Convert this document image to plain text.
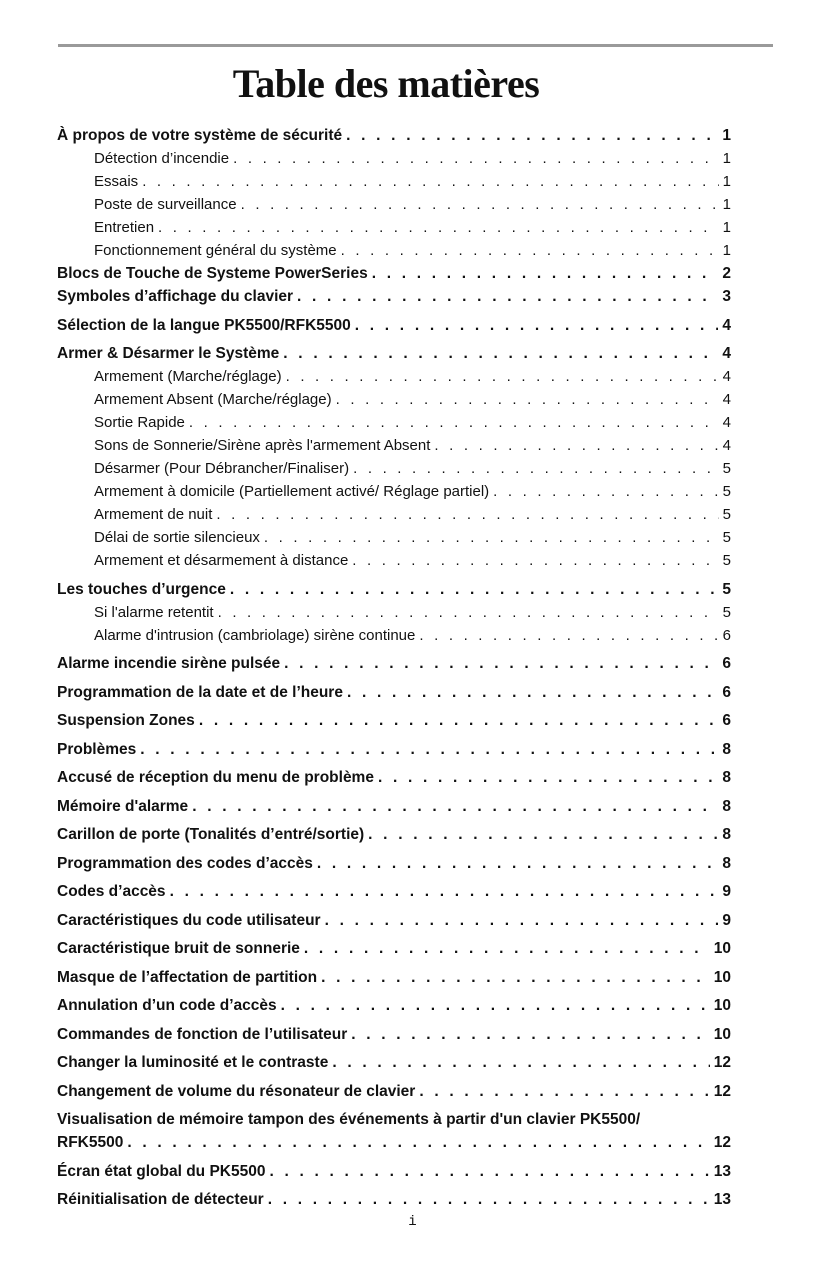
Table des matières
À propos de votre système de sécurité . . .	1
Détection d’incendie . . .	1
Essais . . .	1
Poste de surveillance . . .	1
Entretien . . .	1
Fonctionnement général du système . . .	1
Blocs de Touche de Systeme PowerSeries . . .	2
Symboles d’affichage du clavier . . .	3
Sélection de la langue PK5500/RFK5500 . . .	4
Armer & Désarmer le Système . . .	4
Armement (Marche/réglage) . . .	4
Armement Absent (Marche/réglage) . . .	4
Sortie Rapide . . .	4
Sons de Sonnerie/Sirène après l'armement Absent . . .	4
Désarmer (Pour Débrancher/Finaliser) . . .	5
Armement à domicile (Partiellement activé/ Réglage partiel) . . .	5
Armement de nuit . . .	5
Délai de sortie silencieux . . .	5
Armement et désarmement à distance . . .	5
Les touches d’urgence . . .	5
Si l'alarme retentit . . .	5
Alarme d'intrusion (cambriolage) sirène continue . . .	6
Alarme incendie sirène pulsée . . .	6
Programmation de la date et de l’heure . . .	6
Suspension Zones . . .	6
Problèmes . . .	8
Accusé de réception du menu de problème . . .	8
Mémoire d'alarme . . .	8
Carillon de porte (Tonalités d’entré/sortie) . . .	8
Programmation des codes d’accès . . .	8
Codes d’accès . . .	9
Caractéristiques du code utilisateur . . .	9
Caractéristique bruit de sonnerie . . .	10
Masque de l’affectation de partition . . .	10
Annulation d’un code d’accès . . .	10
Commandes de fonction de l’utilisateur . . .	10
Changer la luminosité et le contraste . . .	12
Changement de volume du résonateur de clavier . . .	12
Visualisation de mémoire tampon des événements à partir d'un clavier PK5500/
RFK5500 . . .	12
Écran état global du PK5500 . . .	13
Réinitialisation de détecteur . . .	13
i
